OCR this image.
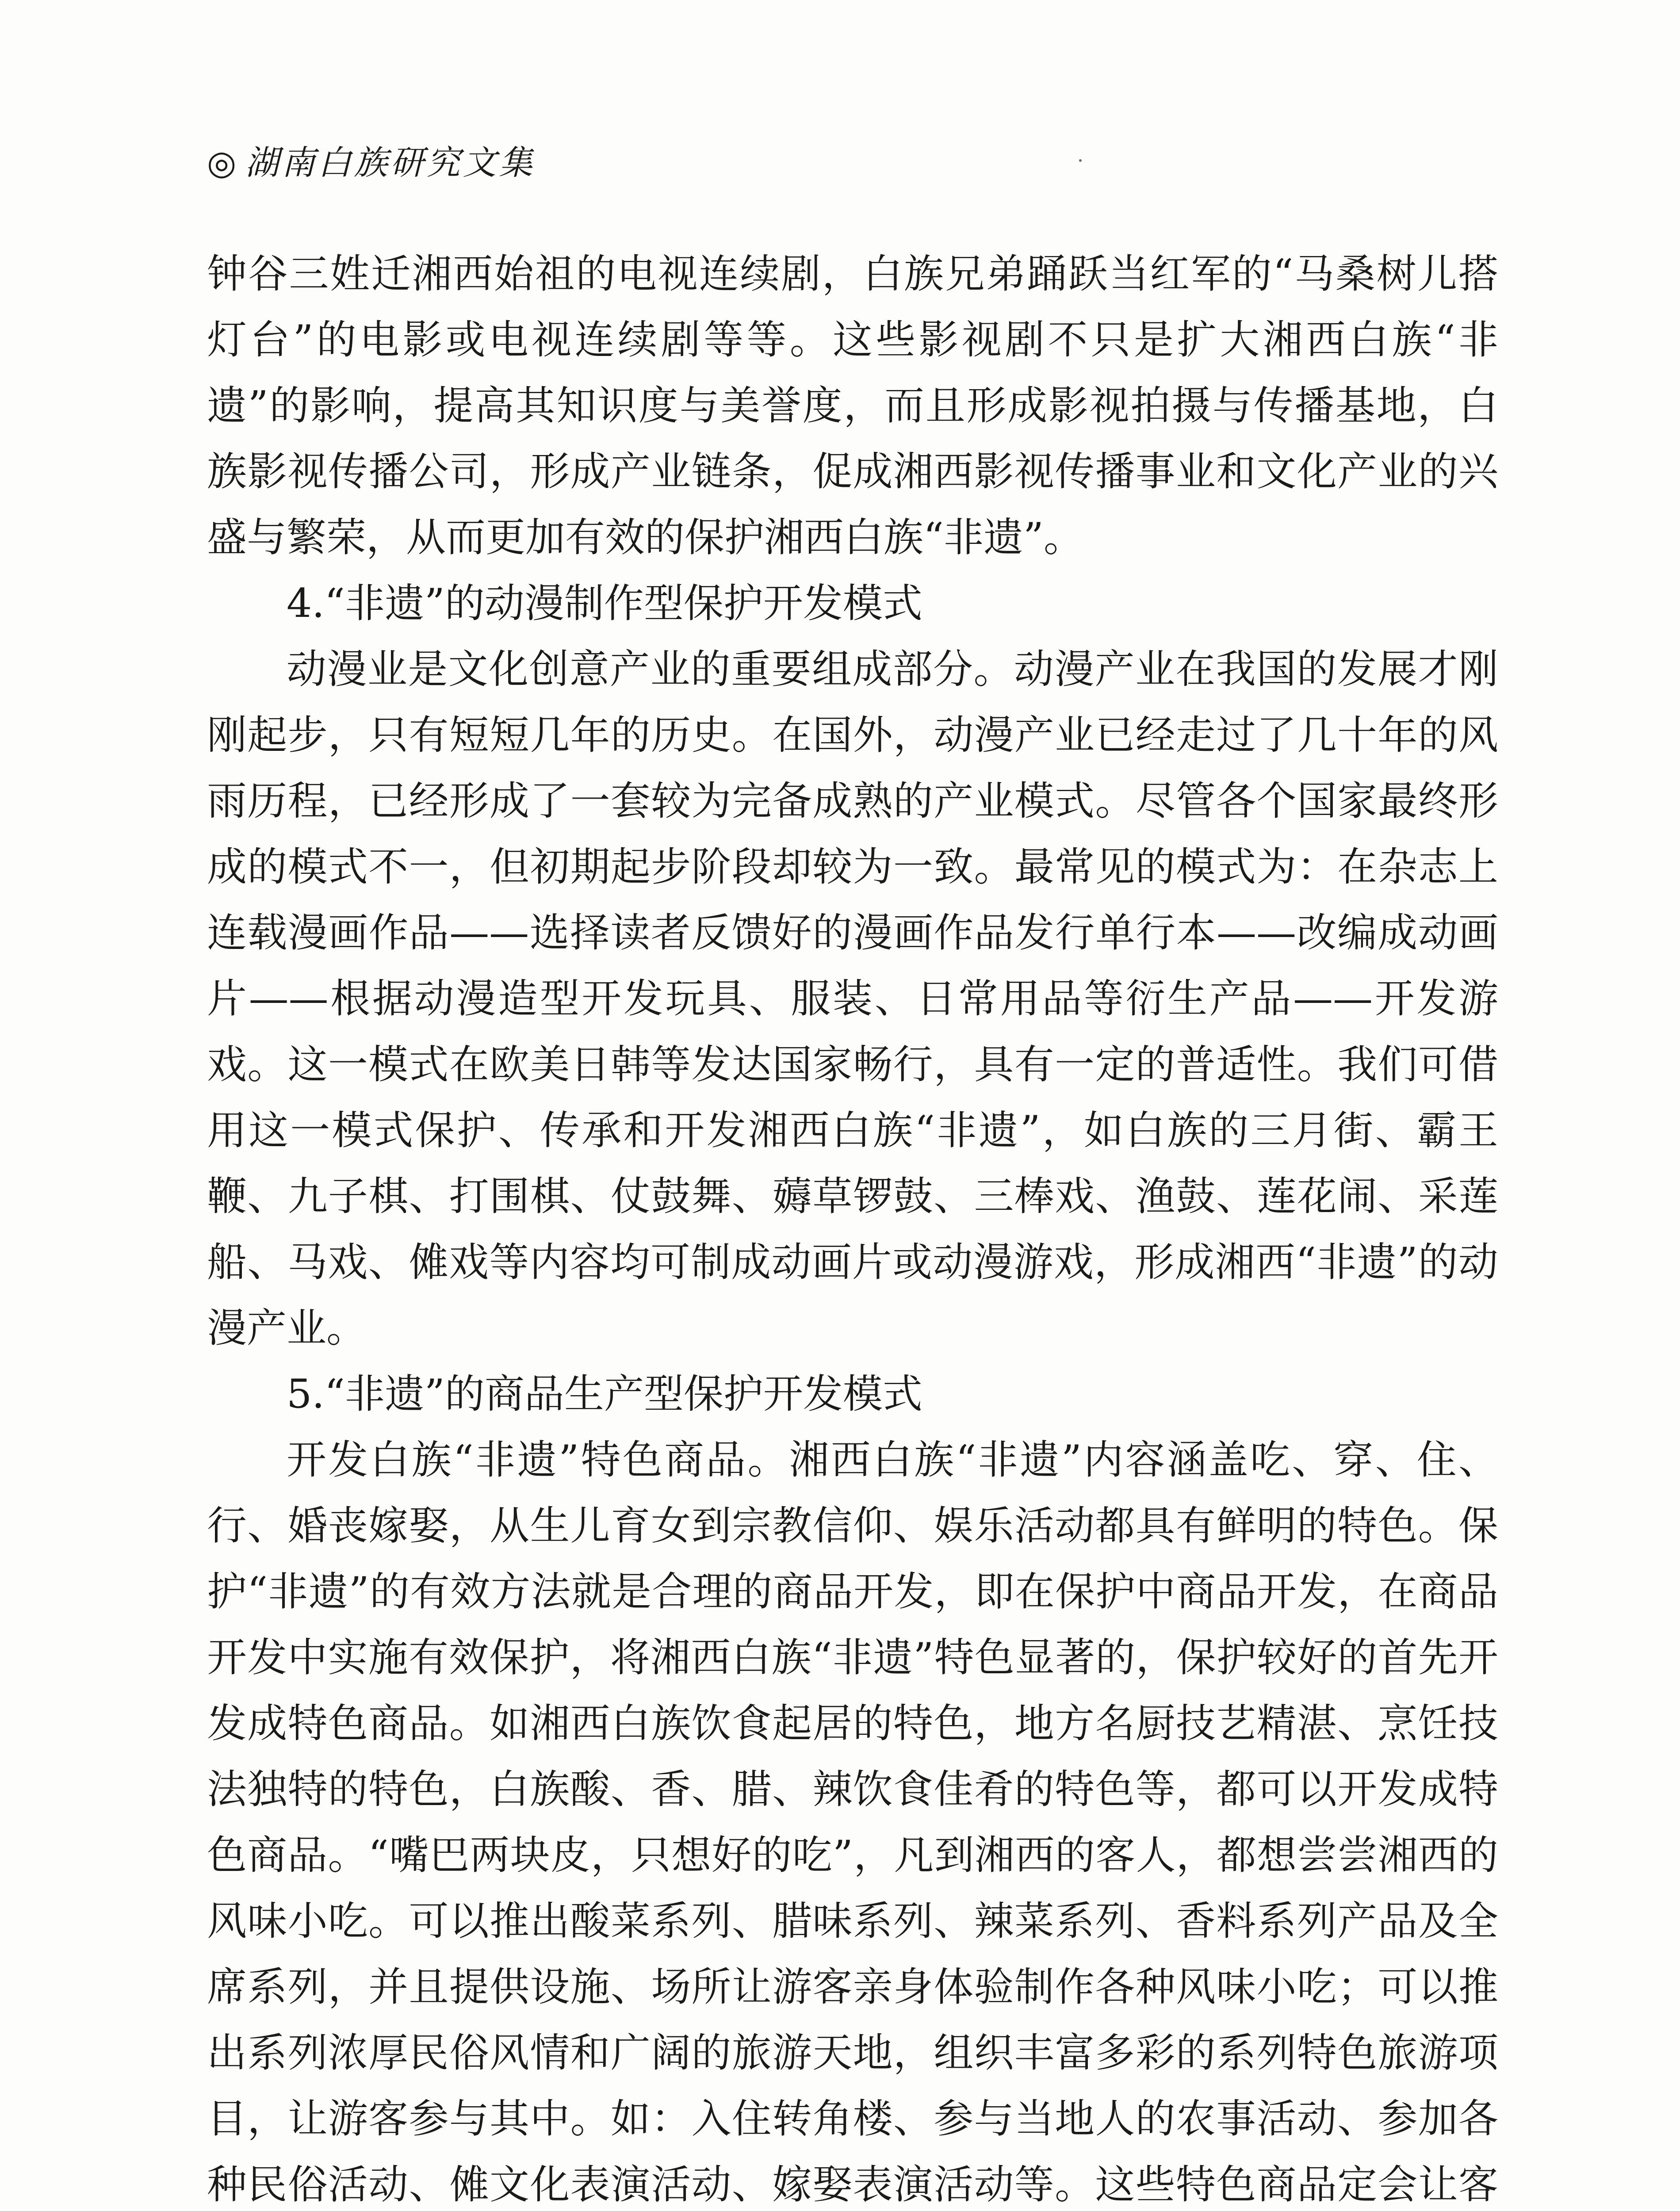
◎ 湖南白族研究文集

钟谷三姓迁湘西始祖的电视连续剧，白族兄弟踊跃当红军的“马桑树儿搭灯台”的电影或电视连续剧等等。这些影视剧不只是扩大湘西白族“非遗”的影响，提高其知识度与美誉度，而且形成影视拍摄与传播基地，白族影视传播公司，形成产业链条，促成湘西影视传播事业和文化产业的兴盛与繁荣，从而更加有效的保护湘西白族“非遗”。

4.“非遗”的动漫制作型保护开发模式

动漫业是文化创意产业的重要组成部分。动漫产业在我国的发展才刚刚起步，只有短短几年的历史。在国外，动漫产业已经走过了几十年的风雨历程，已经形成了一套较为完备成熟的产业模式。尽管各个国家最终形成的模式不一，但初期起步阶段却较为一致。最常见的模式为：在杂志上连载漫画作品——选择读者反馈好的漫画作品发行单行本——改编成动画片——根据动漫造型开发玩具、服装、日常用品等衍生产品——开发游戏。这一模式在欧美日韩等发达国家畅行，具有一定的普适性。我们可借用这一模式保护、传承和开发湘西白族“非遗”，如白族的三月街、霸王鞭、九子棋、打围棋、仗鼓舞、薅草锣鼓、三棒戏、渔鼓、莲花闹、采莲船、马戏、傩戏等内容均可制成动画片或动漫游戏，形成湘西“非遗”的动漫产业。

5.“非遗”的商品生产型保护开发模式

开发白族“非遗”特色商品。湘西白族“非遗”内容涵盖吃、穿、住、行、婚丧嫁娶，从生儿育女到宗教信仰、娱乐活动都具有鲜明的特色。保护“非遗”的有效方法就是合理的商品开发，即在保护中商品开发，在商品开发中实施有效保护，将湘西白族“非遗”特色显著的，保护较好的首先开发成特色商品。如湘西白族饮食起居的特色，地方名厨技艺精湛、烹饪技法独特的特色，白族酸、香、腊、辣饮食佳肴的特色等，都可以开发成特色商品。“嘴巴两块皮，只想好的吃”，凡到湘西的客人，都想尝尝湘西的风味小吃。可以推出酸菜系列、腊味系列、辣菜系列、香料系列产品及全席系列，并且提供设施、场所让游客亲身体验制作各种风味小吃；可以推出系列浓厚民俗风情和广阔的旅游天地，组织丰富多彩的系列特色旅游项目，让游客参与其中。如：入住转角楼、参与当地人的农事活动、参加各种民俗活动、傩文化表演活动、嫁娶表演活动等。这些特色商品定会让客
